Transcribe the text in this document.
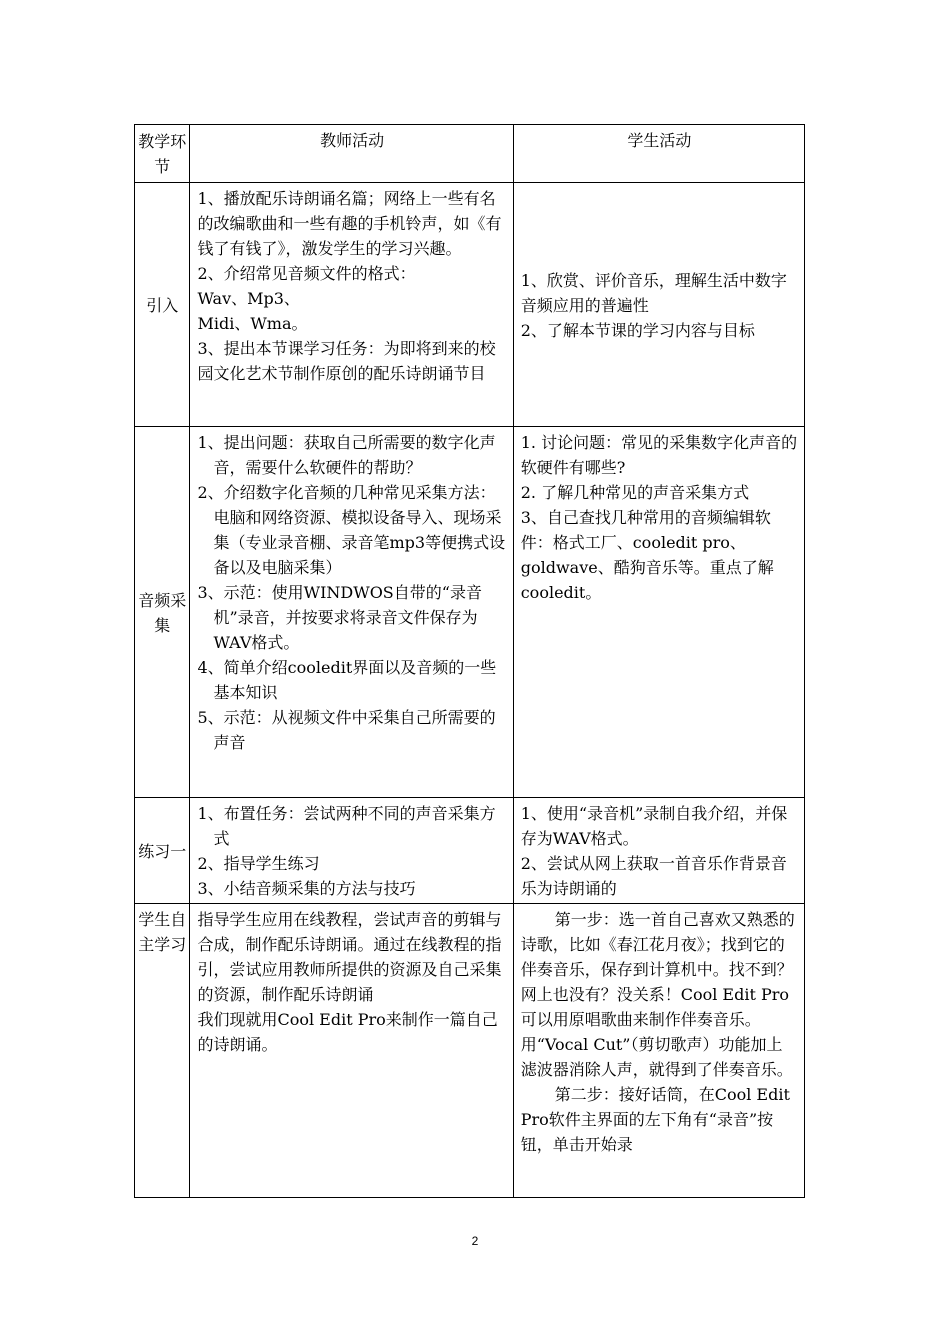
教学环节	教师活动	学生活动
引入	1、播放配乐诗朗诵名篇；网络上一些有名的改编歌曲和一些有趣的手机铃声，如《有钱了有钱了》，激发学生的学习兴趣。
2、介绍常见音频文件的格式：
Wav、Mp3、
Midi、Wma。
3、提出本节课学习任务：为即将到来的校园文化艺术节制作原创的配乐诗朗诵节目	1、欣赏、评价音乐，理解生活中数字音频应用的普遍性
2、了解本节课的学习内容与目标

音频采集	1、提出问题：获取自己所需要的数字化声音，需要什么软硬件的帮助？
2、介绍数字化音频的几种常见采集方法：电脑和网络资源、模拟设备导入、现场采集（专业录音棚、录音笔mp3等便携式设备以及电脑采集）
3、示范：使用WINDWOS自带的“录音机”录音，并按要求将录音文件保存为WAV格式。
4、简单介绍cooledit界面以及音频的一些基本知识
5、示范：从视频文件中采集自己所需要的声音	1. 讨论问题：常见的采集数字化声音的软硬件有哪些?
2. 了解几种常见的声音采集方式
3、自己查找几种常用的音频编辑软件：格式工厂、cooledit pro、goldwave、酷狗音乐等。重点了解cooledit。

练习一	1、布置任务：尝试两种不同的声音采集方式
2、指导学生练习
3、小结音频采集的方法与技巧	1、使用“录音机”录制自我介绍，并保存为WAV格式。
2、尝试从网上获取一首音乐作背景音乐为诗朗诵的

学生自主学习	指导学生应用在线教程，尝试声音的剪辑与合成，制作配乐诗朗诵。通过在线教程的指引，尝试应用教师所提供的资源及自己采集的资源，制作配乐诗朗诵
我们现就用Cool Edit Pro来制作一篇自己的诗朗诵。	第一步：选一首自己喜欢又熟悉的诗歌，比如《春江花月夜》；找到它的伴奏音乐，保存到计算机中。找不到？网上也没有？没关系！Cool Edit Pro可以用原唱歌曲来制作伴奏音乐。用“Vocal Cut”（剪切歌声）功能加上滤波器消除人声，就得到了伴奏音乐。
第二步：接好话筒，在Cool Edit Pro软件主界面的左下角有“录音”按钮，单击开始录
2
